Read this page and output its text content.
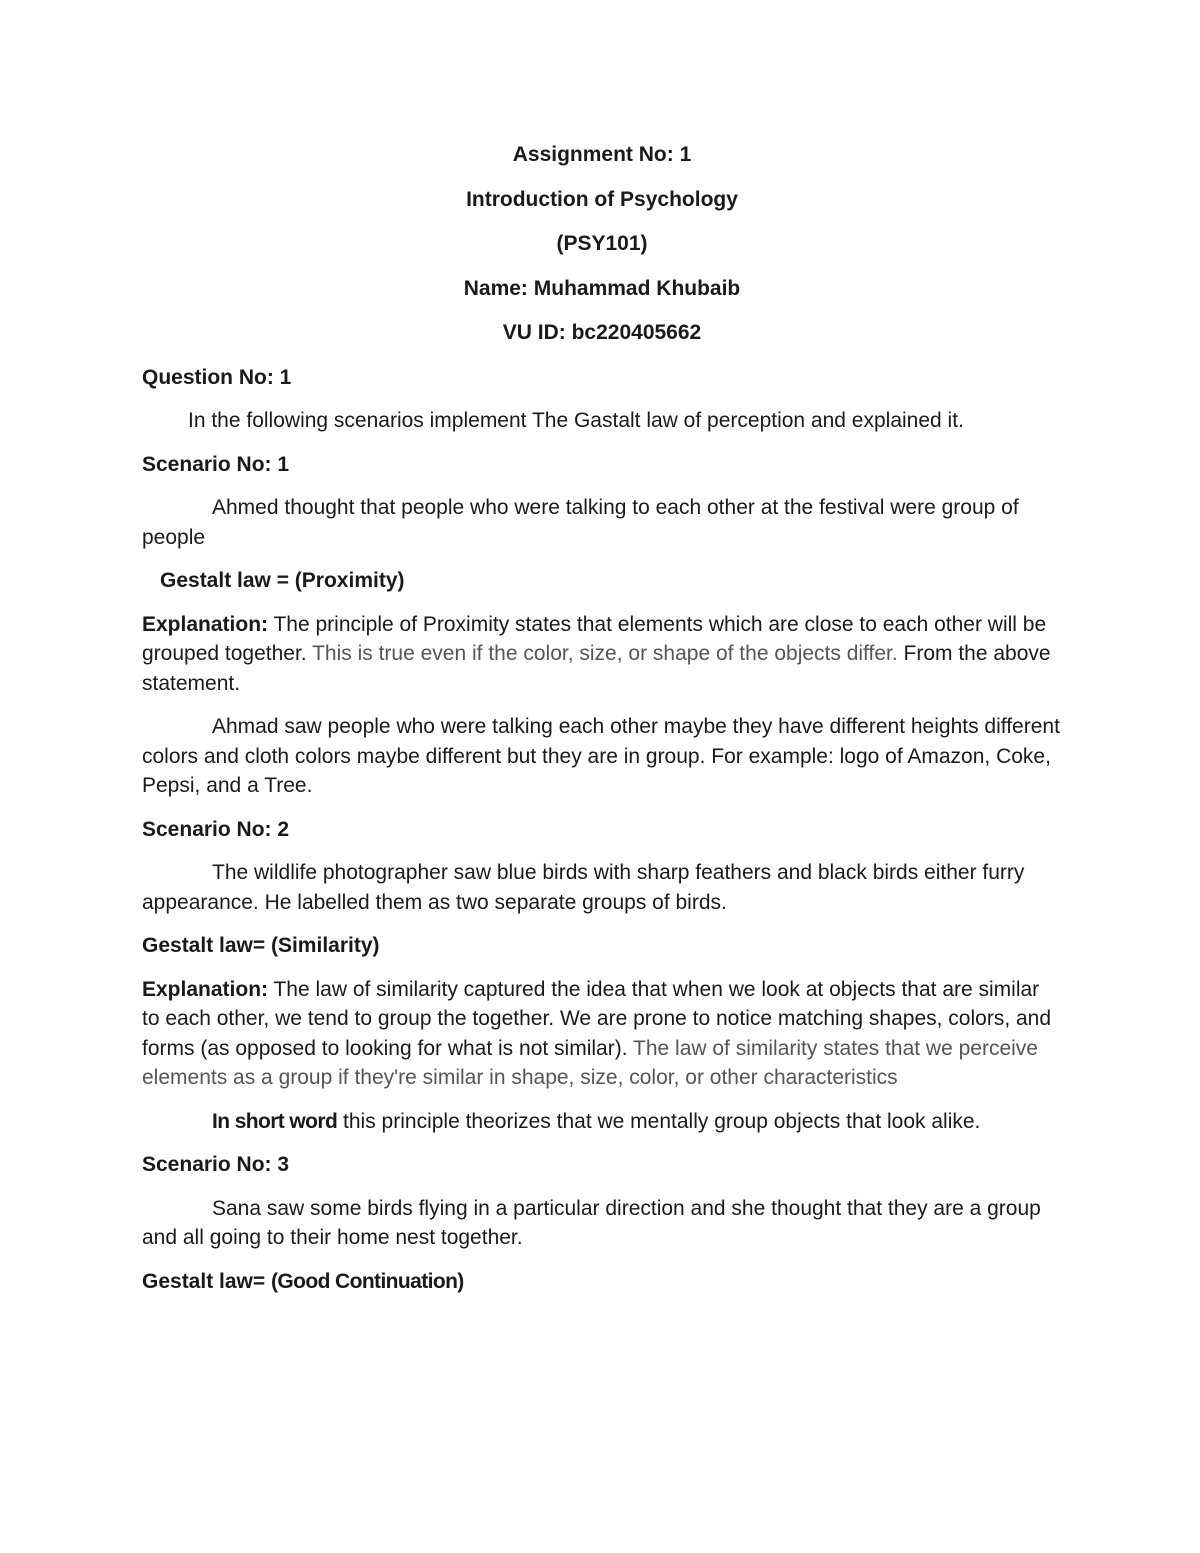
Assignment No: 1
Introduction of Psychology
(PSY101)
Name: Muhammad Khubaib
VU ID: bc220405662
Question No: 1

In the following scenarios implement The Gastalt law of perception and explained it.

Scenario No: 1

Ahmed thought that people who were talking to each other at the festival were group of people

Gestalt law = (Proximity)

Explanation: The principle of Proximity states that elements which are close to each other will be grouped together. This is true even if the color, size, or shape of the objects differ. From the above statement.

Ahmad saw people who were talking each other maybe they have different heights different colors and cloth colors maybe different but they are in group. For example: logo of Amazon, Coke, Pepsi, and a Tree.

Scenario No: 2

The wildlife photographer saw blue birds with sharp feathers and black birds either furry appearance. He labelled them as two separate groups of birds.

Gestalt law= (Similarity)

Explanation: The law of similarity captured the idea that when we look at objects that are similar to each other, we tend to group the together. We are prone to notice matching shapes, colors, and forms (as opposed to looking for what is not similar). The law of similarity states that we perceive elements as a group if they're similar in shape, size, color, or other characteristics

In short word this principle theorizes that we mentally group objects that look alike.

Scenario No: 3

Sana saw some birds flying in a particular direction and she thought that they are a group and all going to their home nest together.

Gestalt law= (Good Continuation)
